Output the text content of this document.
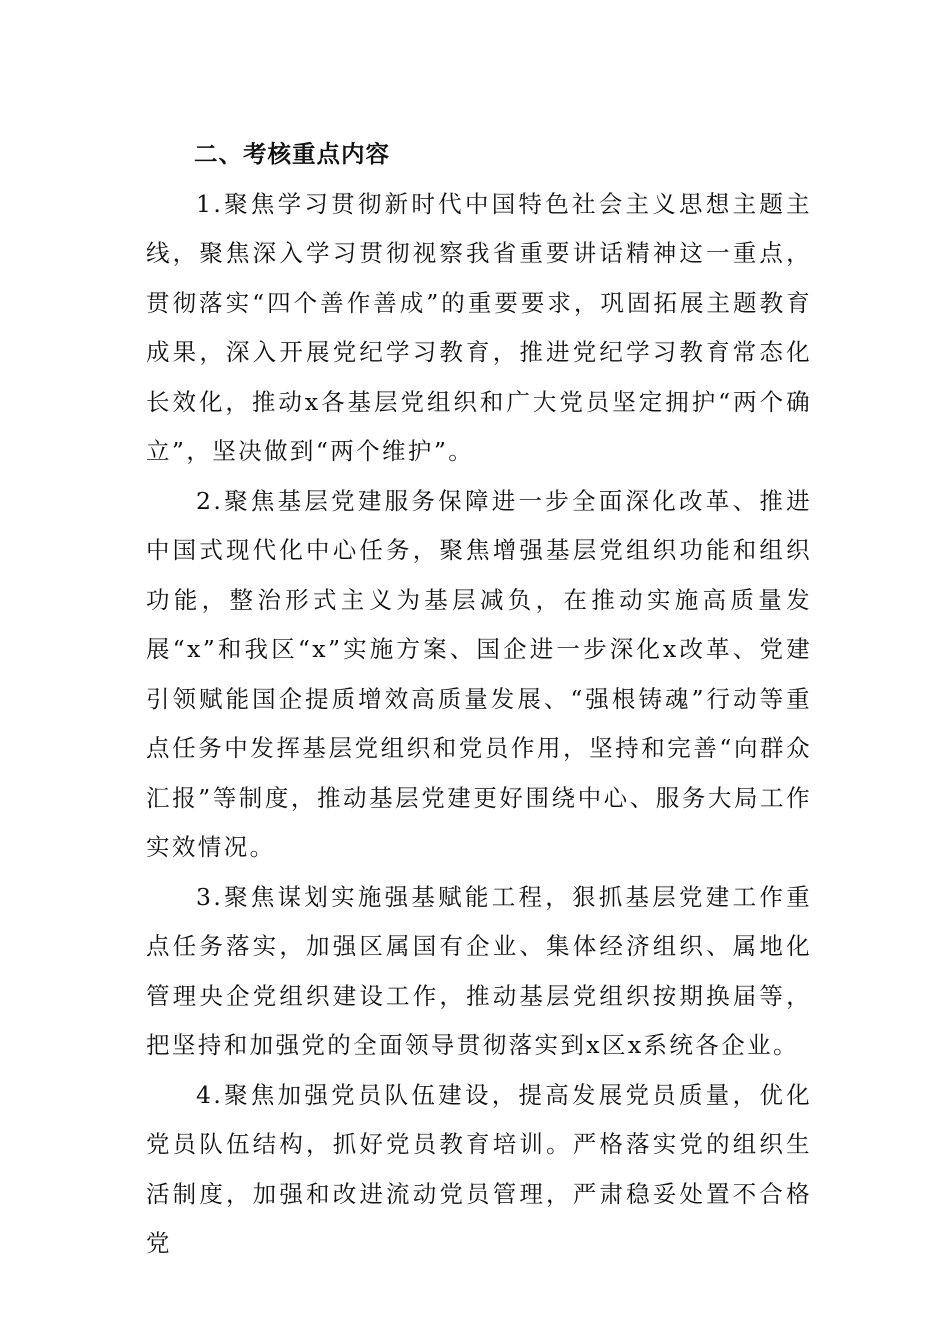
二、考核重点内容

1.聚焦学习贯彻新时代中国特色社会主义思想主题主线，聚焦深入学习贯彻视察我省重要讲话精神这一重点，贯彻落实“四个善作善成”的重要要求，巩固拓展主题教育成果，深入开展党纪学习教育，推进党纪学习教育常态化长效化，推动x各基层党组织和广大党员坚定拥护“两个确立”，坚决做到“两个维护”。

2.聚焦基层党建服务保障进一步全面深化改革、推进中国式现代化中心任务，聚焦增强基层党组织功能和组织功能，整治形式主义为基层减负，在推动实施高质量发展“x”和我区“x”实施方案、国企进一步深化x改革、党建引领赋能国企提质增效高质量发展、“强根铸魂”行动等重点任务中发挥基层党组织和党员作用，坚持和完善“向群众汇报”等制度，推动基层党建更好围绕中心、服务大局工作实效情况。

3.聚焦谋划实施强基赋能工程，狠抓基层党建工作重点任务落实，加强区属国有企业、集体经济组织、属地化管理央企党组织建设工作，推动基层党组织按期换届等，把坚持和加强党的全面领导贯彻落实到x区x系统各企业。

4.聚焦加强党员队伍建设，提高发展党员质量，优化党员队伍结构，抓好党员教育培训。严格落实党的组织生活制度，加强和改进流动党员管理，严肃稳妥处置不合格党
